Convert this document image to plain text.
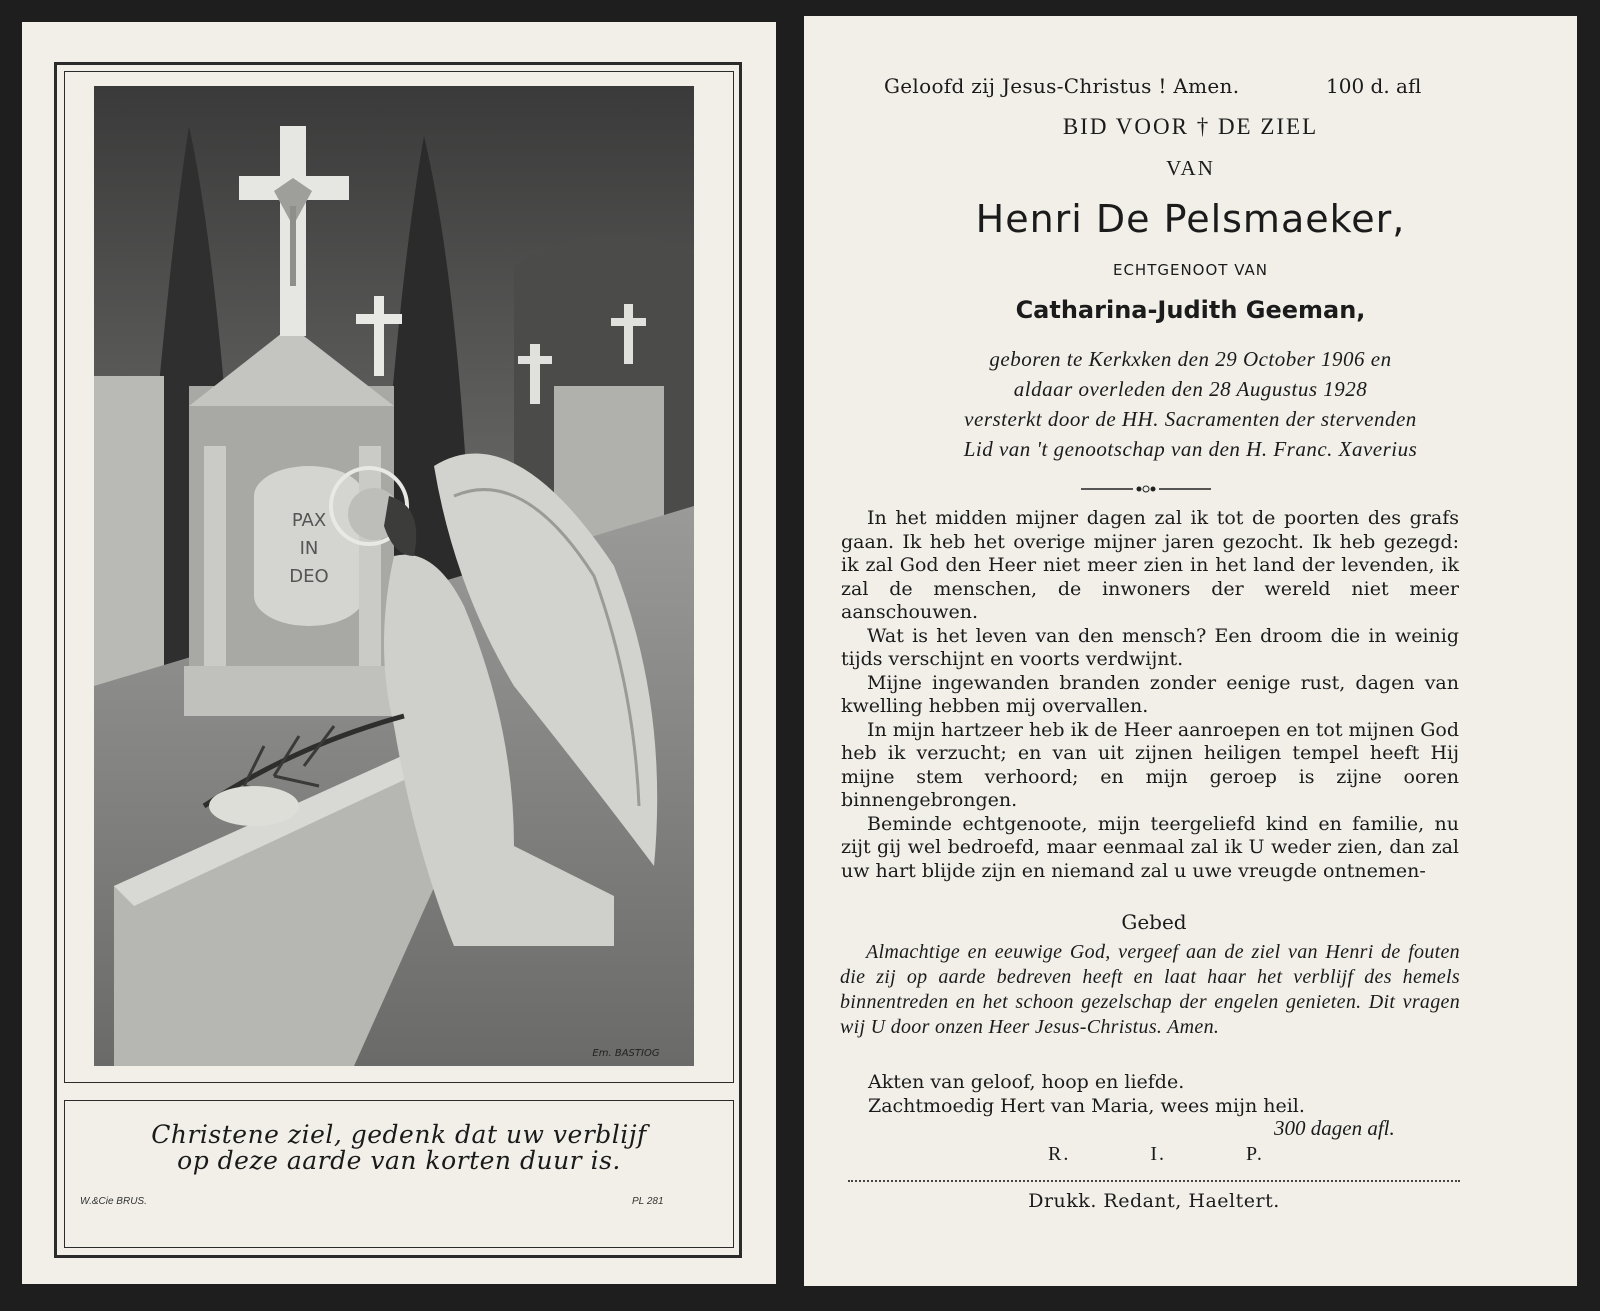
PAX
IN
DEO
Em. BASTIOG
Christene ziel, gedenk dat uw verblijf
op deze aarde van korten duur is.
W.&Cie BRUS.	PL 281
Geloofd zij Jesus-Christus ! Amen.	100 d. afl
BID VOOR † DE ZIEL
VAN
Henri De Pelsmaeker,
ECHTGENOOT VAN
Catharina-Judith Geeman,
geboren te Kerkxken den 29 October 1906 en
aldaar overleden den 28 Augustus 1928
versterkt door de HH. Sacramenten der stervenden
Lid van 't genootschap van den H. Franc. Xaverius

In het midden mijner dagen zal ik tot de poorten des grafs gaan. Ik heb het overige mijner jaren gezocht. Ik heb gezegd: ik zal God den Heer niet meer zien in het land der levenden, ik zal de menschen, de inwoners der wereld niet meer aanschouwen.

Wat is het leven van den mensch? Een droom die in weinig tijds verschijnt en voorts verdwijnt.

Mijne ingewanden branden zonder eenige rust, dagen van kwelling hebben mij overvallen.

In mijn hartzeer heb ik de Heer aanroepen en tot mijnen God heb ik verzucht; en van uit zijnen heiligen tempel heeft Hij mijne stem verhoord; en mijn geroep is zijne ooren binnengebrongen.

Beminde echtgenoote, mijn teergeliefd kind en familie, nu zijt gij wel bedroefd, maar eenmaal zal ik U weder zien, dan zal uw hart blijde zijn en niemand zal u uwe vreugde ontnemen-

Gebed

Almachtige en eeuwige God, vergeef aan de ziel van Henri de fouten die zij op aarde bedreven heeft en laat haar het verblijf des hemels binnentreden en het schoon gezelschap der engelen genieten. Dit vragen wij U door onzen Heer Jesus-Christus. Amen.

Akten van geloof, hoop en liefde.
Zachtmoedig Hert van Maria, wees mijn heil.
300 dagen afl.
R.	I.	P.
Drukk. Redant, Haeltert.
